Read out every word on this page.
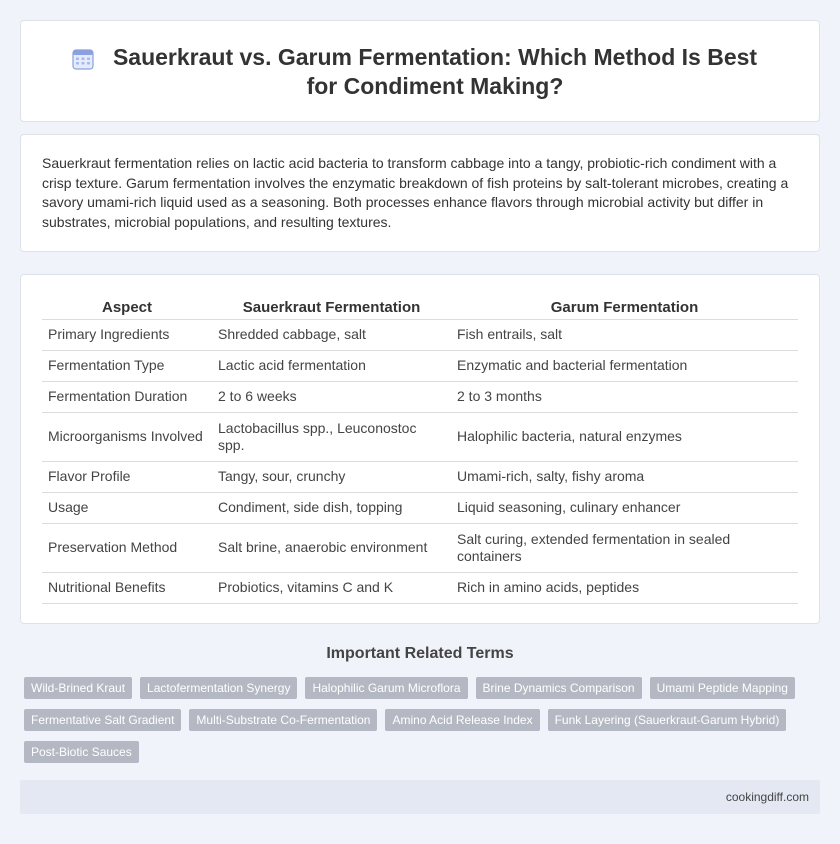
Sauerkraut vs. Garum Fermentation: Which Method Is Best for Condiment Making?

Sauerkraut fermentation relies on lactic acid bacteria to transform cabbage into a tangy, probiotic-rich condiment with a crisp texture. Garum fermentation involves the enzymatic breakdown of fish proteins by salt-tolerant microbes, creating a savory umami-rich liquid used as a seasoning. Both processes enhance flavors through microbial activity but differ in substrates, microbial populations, and resulting textures.

Aspect	Sauerkraut Fermentation	Garum Fermentation
Primary Ingredients	Shredded cabbage, salt	Fish entrails, salt
Fermentation Type	Lactic acid fermentation	Enzymatic and bacterial fermentation
Fermentation Duration	2 to 6 weeks	2 to 3 months
Microorganisms Involved	Lactobacillus spp., Leuconostoc spp.	Halophilic bacteria, natural enzymes
Flavor Profile	Tangy, sour, crunchy	Umami-rich, salty, fishy aroma
Usage	Condiment, side dish, topping	Liquid seasoning, culinary enhancer
Preservation Method	Salt brine, anaerobic environment	Salt curing, extended fermentation in sealed containers
Nutritional Benefits	Probiotics, vitamins C and K	Rich in amino acids, peptides
Important Related Terms
Wild-Brined Kraut	Lactofermentation Synergy	Halophilic Garum Microflora	Brine Dynamics Comparison	Umami Peptide Mapping
Fermentative Salt Gradient	Multi-Substrate Co-Fermentation	Amino Acid Release Index	Funk Layering (Sauerkraut-Garum Hybrid)
Post-Biotic Sauces
cookingdiff.com
